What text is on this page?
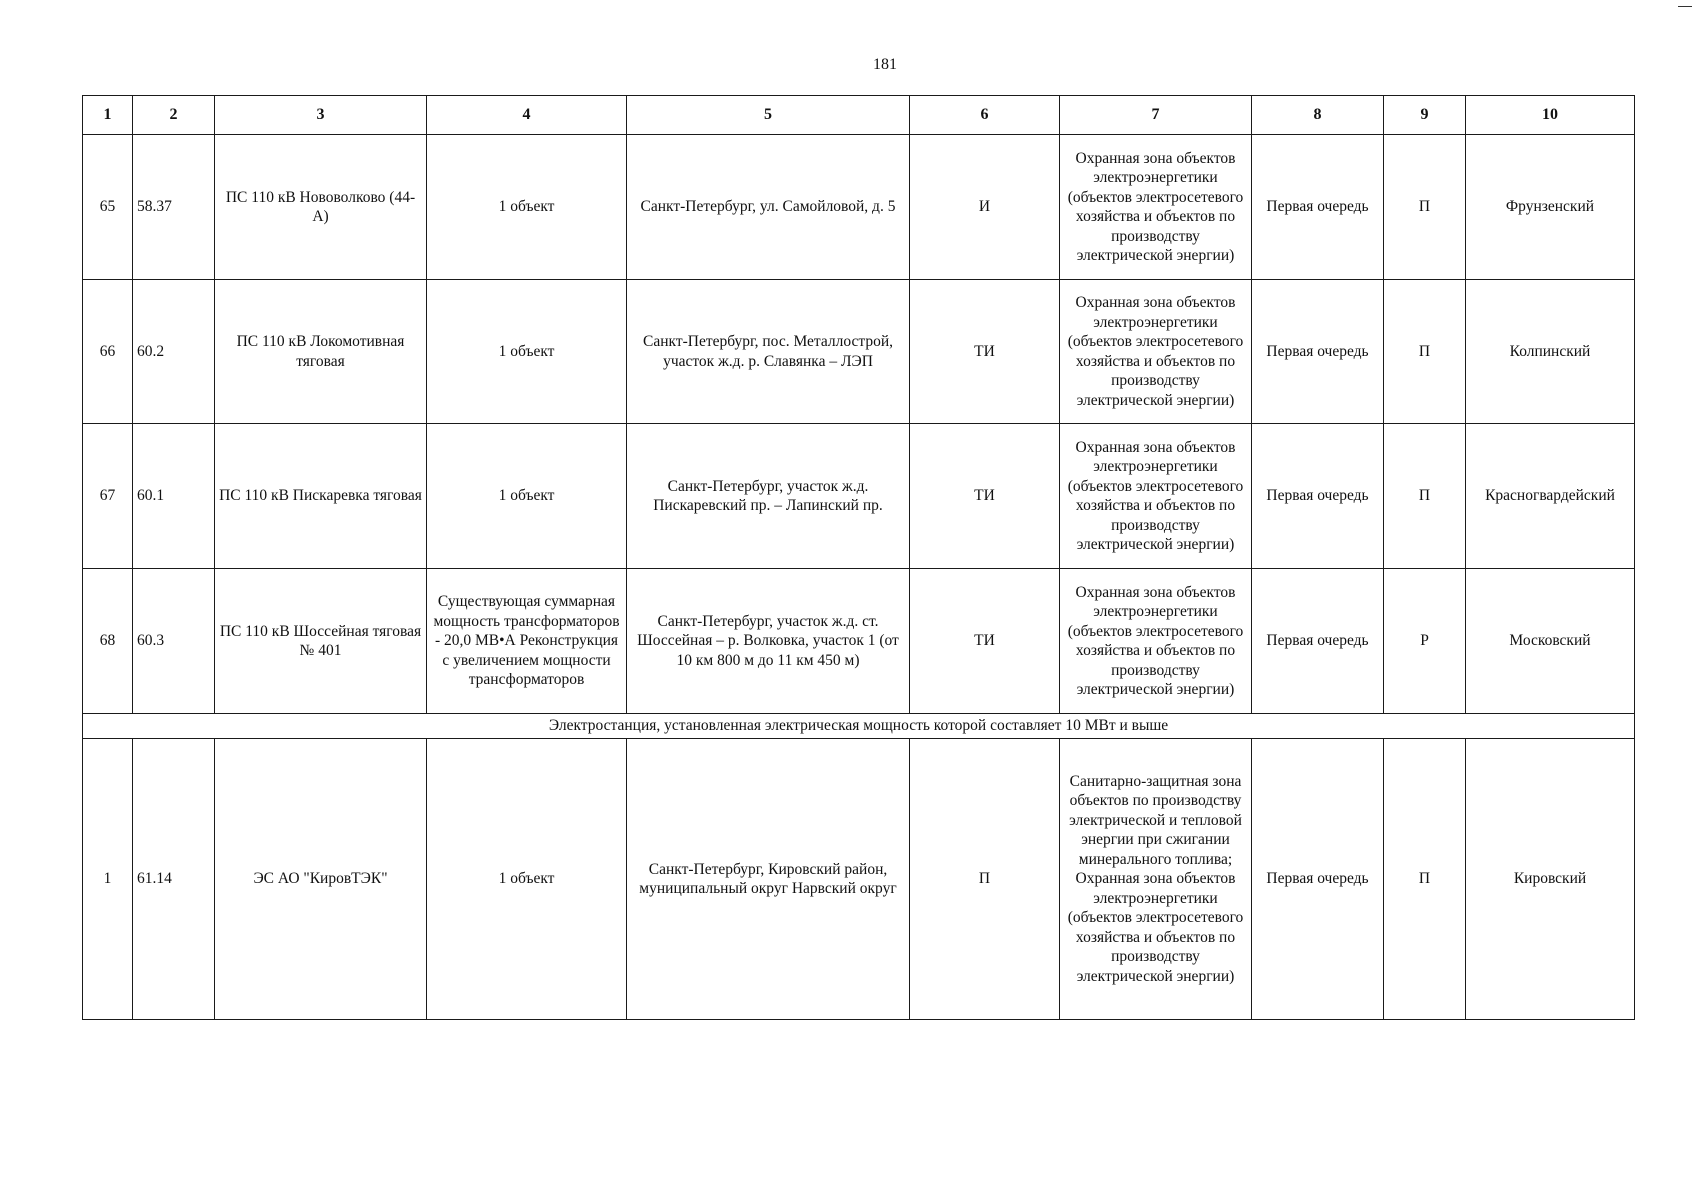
181
1	2	3	4	5	6	7	8	9	10
65	58.37	ПС 110 кВ Нововолково (44-А)	1 объект	Санкт-Петербург, ул. Самойловой, д. 5	И	Охранная зона объектов электроэнергетики (объектов электросетевого хозяйства и объектов по производству электрической энергии)	Первая очередь	П	Фрунзенский
66	60.2	ПС 110 кВ Локомотивная тяговая	1 объект	Санкт-Петербург, пос. Металлострой, участок ж.д. р. Славянка – ЛЭП	ТИ	Охранная зона объектов электроэнергетики (объектов электросетевого хозяйства и объектов по производству электрической энергии)	Первая очередь	П	Колпинский
67	60.1	ПС 110 кВ Пискаревка тяговая	1 объект	Санкт-Петербург, участок ж.д. Пискаревский пр. – Лапинский пр.	ТИ	Охранная зона объектов электроэнергетики (объектов электросетевого хозяйства и объектов по производству электрической энергии)	Первая очередь	П	Красногвардейский
68	60.3	ПС 110 кВ Шоссейная тяговая № 401	Существующая суммарная мощность трансформаторов - 20,0 МВ•А Реконструкция с увеличением мощности трансформаторов	Санкт-Петербург, участок ж.д. ст. Шоссейная – р. Волковка, участок 1 (от 10 км 800 м до 11 км 450 м)	ТИ	Охранная зона объектов электроэнергетики (объектов электросетевого хозяйства и объектов по производству электрической энергии)	Первая очередь	Р	Московский
Электростанция, установленная электрическая мощность которой составляет 10 МВт и выше									
1	61.14	ЭС АО "КировТЭК"	1 объект	Санкт-Петербург, Кировский район, муниципальный округ Нарвский округ	П	Санитарно-защитная зона объектов по производству электрической и тепловой энергии при сжигании минерального топлива; Охранная зона объектов электроэнергетики (объектов электросетевого хозяйства и объектов по производству электрической энергии)	Первая очередь	П	Кировский
